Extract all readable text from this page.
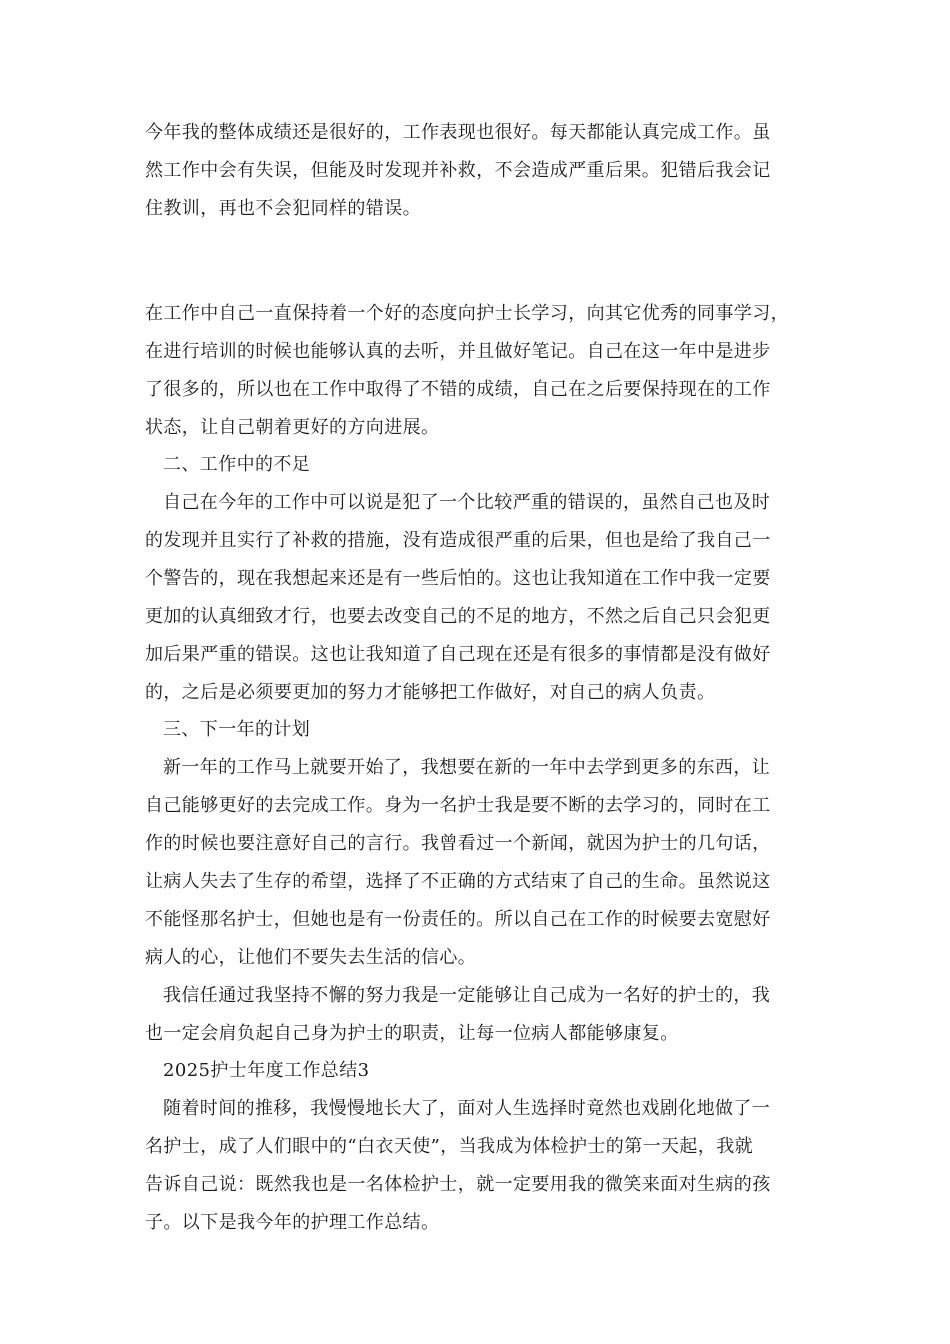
今年我的整体成绩还是很好的，工作表现也很好。每天都能认真完成工作。虽
然工作中会有失误，但能及时发现并补救，不会造成严重后果。犯错后我会记
住教训，再也不会犯同样的错误。
在工作中自己一直保持着一个好的态度向护士长学习，向其它优秀的同事学习，
在进行培训的时候也能够认真的去听，并且做好笔记。自己在这一年中是进步
了很多的，所以也在工作中取得了不错的成绩，自己在之后要保持现在的工作
状态，让自己朝着更好的方向进展。
二、工作中的不足
自己在今年的工作中可以说是犯了一个比较严重的错误的，虽然自己也及时
的发现并且实行了补救的措施，没有造成很严重的后果，但也是给了我自己一
个警告的，现在我想起来还是有一些后怕的。这也让我知道在工作中我一定要
更加的认真细致才行，也要去改变自己的不足的地方，不然之后自己只会犯更
加后果严重的错误。这也让我知道了自己现在还是有很多的事情都是没有做好
的，之后是必须要更加的努力才能够把工作做好，对自己的病人负责。
三、下一年的计划
新一年的工作马上就要开始了，我想要在新的一年中去学到更多的东西，让
自己能够更好的去完成工作。身为一名护士我是要不断的去学习的，同时在工
作的时候也要注意好自己的言行。我曾看过一个新闻，就因为护士的几句话，
让病人失去了生存的希望，选择了不正确的方式结束了自己的生命。虽然说这
不能怪那名护士，但她也是有一份责任的。所以自己在工作的时候要去宽慰好
病人的心，让他们不要失去生活的信心。
我信任通过我坚持不懈的努力我是一定能够让自己成为一名好的护士的，我
也一定会肩负起自己身为护士的职责，让每一位病人都能够康复。
2025护士年度工作总结3
随着时间的推移，我慢慢地长大了，面对人生选择时竟然也戏剧化地做了一
名护士，成了人们眼中的“白衣天使”，当我成为体检护士的第一天起，我就
告诉自己说：既然我也是一名体检护士，就一定要用我的微笑来面对生病的孩
子。以下是我今年的护理工作总结。
